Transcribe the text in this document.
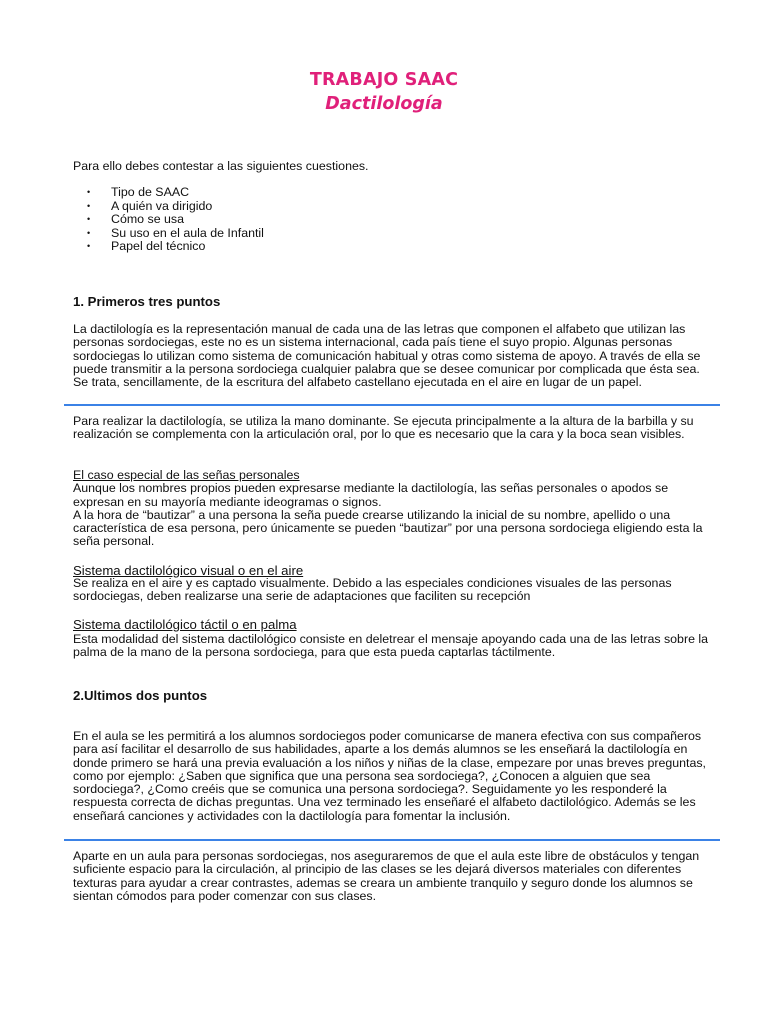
TRABAJO SAAC
Dactilología

Para ello debes contestar a las siguientes cuestiones.

• Tipo de SAAC
• A quién va dirigido
• Cómo se usa
• Su uso en el aula de Infantil
• Papel del técnico
1. Primeros tres puntos

La dactilología es la representación manual de cada una de las letras que componen el alfabeto que utilizan las personas sordociegas, este no es un sistema internacional, cada país tiene el suyo propio. Algunas personas sordociegas lo utilizan como sistema de comunicación habitual y otras como sistema de apoyo. A través de ella se puede transmitir a la persona sordociega cualquier palabra que se desee comunicar por complicada que ésta sea. Se trata, sencillamente, de la escritura del alfabeto castellano ejecutada en el aire en lugar de un papel.

Para realizar la dactilología, se utiliza la mano dominante. Se ejecuta principalmente a la altura de la barbilla y su realización se complementa con la articulación oral, por lo que es necesario que la cara y la boca sean visibles.

El caso especial de las señas personales

Aunque los nombres propios pueden expresarse mediante la dactilología, las señas personales o apodos se expresan en su mayoría mediante ideogramas o signos.

A la hora de “bautizar” a una persona la seña puede crearse utilizando la inicial de su nombre, apellido o una característica de esa persona, pero únicamente se pueden “bautizar” por una persona sordociega eligiendo esta la seña personal.

Sistema dactilológico visual o en el aire

Se realiza en el aire y es captado visualmente. Debido a las especiales condiciones visuales de las personas sordociegas, deben realizarse una serie de adaptaciones que faciliten su recepción

Sistema dactilológico táctil o en palma

Esta modalidad del sistema dactilológico consiste en deletrear el mensaje apoyando cada una de las letras sobre la palma de la mano de la persona sordociega, para que esta pueda captarlas táctilmente.

2.Ultimos dos puntos

En el aula se les permitirá a los alumnos sordociegos poder comunicarse de manera efectiva con sus compañeros para así facilitar el desarrollo de sus habilidades, aparte a los demás alumnos se les enseñará la dactilología en donde primero se hará una previa evaluación a los niños y niñas de la clase, empezare por unas breves preguntas, como por ejemplo: ¿Saben que significa que una persona sea sordociega?, ¿Conocen a alguien que sea sordociega?, ¿Como creéis que se comunica una persona sordociega?. Seguidamente yo les responderé la respuesta correcta de dichas preguntas. Una vez terminado les enseñaré el alfabeto dactilológico. Además se les enseñará canciones y actividades con la dactilología para fomentar la inclusión.

Aparte en un aula para personas sordociegas, nos aseguraremos de que el aula este libre de obstáculos y tengan suficiente espacio para la circulación, al principio de las clases se les dejará diversos materiales con diferentes texturas para ayudar a crear contrastes, ademas se creara un ambiente tranquilo y seguro donde los alumnos se sientan cómodos para poder comenzar con sus clases.
